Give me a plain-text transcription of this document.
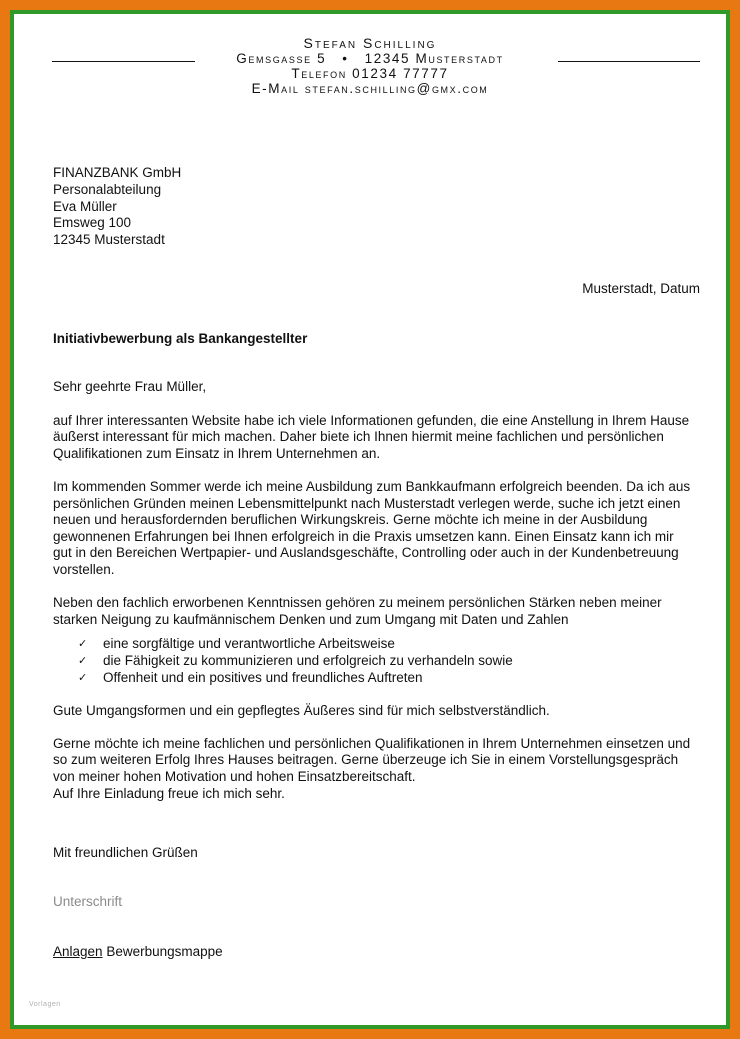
Stefan Schilling
Gemsgasse 5   •   12345 Musterstadt
Telefon 01234 77777
E-Mail stefan.schilling@gmx.com
FINANZBANK GmbH
Personalabteilung
Eva Müller
Emsweg 100
12345 Musterstadt
Musterstadt, Datum
Initiativbewerbung als Bankangestellter

Sehr geehrte Frau Müller,

auf Ihrer interessanten Website habe ich viele Informationen gefunden, die eine Anstellung in Ihrem Hause äußerst interessant für mich machen. Daher biete ich Ihnen hiermit meine fachlichen und persönlichen Qualifikationen zum Einsatz in Ihrem Unternehmen an.

Im kommenden Sommer werde ich meine Ausbildung zum Bankkaufmann erfolgreich beenden. Da ich aus persönlichen Gründen meinen Lebensmittelpunkt nach Musterstadt verlegen werde, suche ich jetzt einen neuen und herausfordernden beruflichen Wirkungskreis. Gerne möchte ich meine in der Ausbildung gewonnenen Erfahrungen bei Ihnen erfolgreich in die Praxis umsetzen kann. Einen Einsatz kann ich mir gut in den Bereichen Wertpapier- und Auslandsgeschäfte, Controlling oder auch in der Kundenbetreuung vorstellen.

Neben den fachlich erworbenen Kenntnissen gehören zu meinem persönlichen Stärken neben meiner starken Neigung zu kaufmännischem Denken und zum Umgang mit Daten und Zahlen

✓ eine sorgfältige und verantwortliche Arbeitsweise
✓ die Fähigkeit zu kommunizieren und erfolgreich zu verhandeln sowie
✓ Offenheit und ein positives und freundliches Auftreten

Gute Umgangsformen und ein gepflegtes Äußeres sind für mich selbstverständlich.

Gerne möchte ich meine fachlichen und persönlichen Qualifikationen in Ihrem Unternehmen einsetzen und so zum weiteren Erfolg Ihres Hauses beitragen. Gerne überzeuge ich Sie in einem Vorstellungsgespräch von meiner hohen Motivation und hohen Einsatzbereitschaft.

Auf Ihre Einladung freue ich mich sehr.

Mit freundlichen Grüßen
Unterschrift
Anlagen Bewerbungsmappe
Vorlagen
